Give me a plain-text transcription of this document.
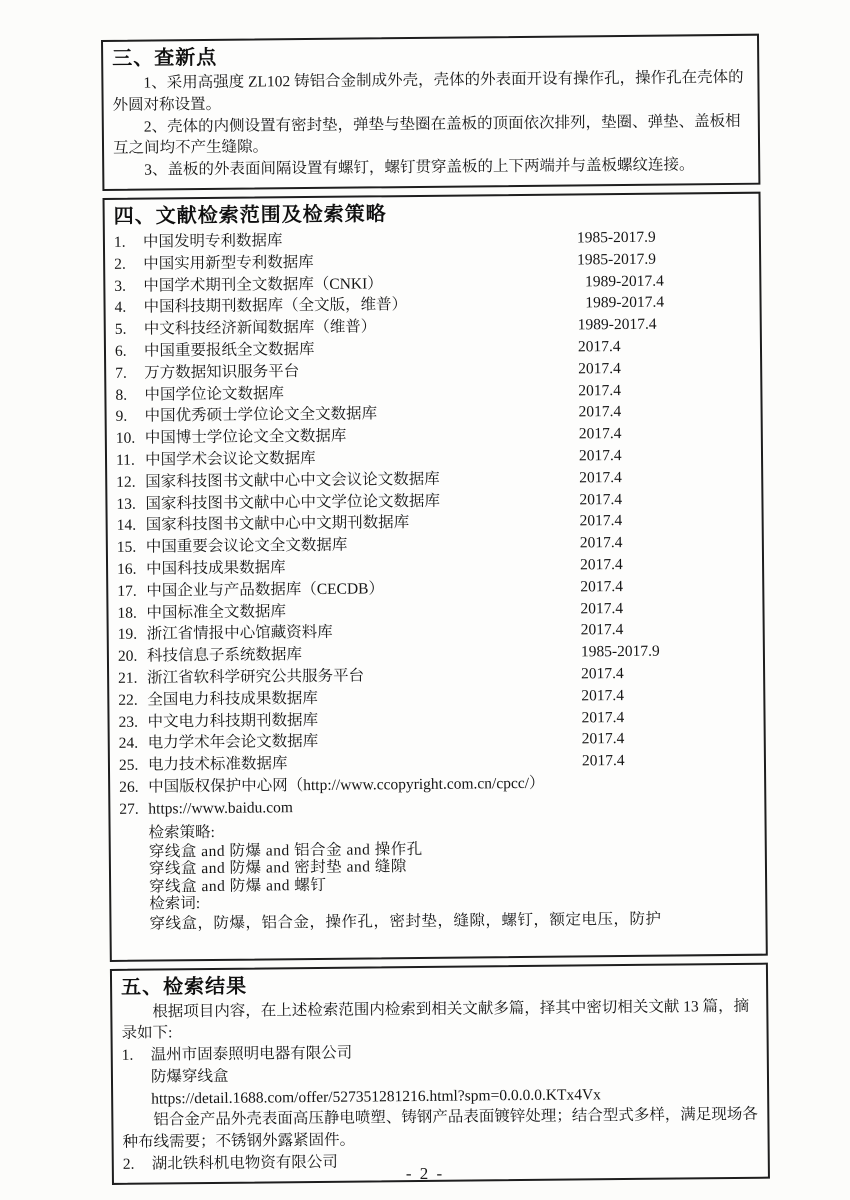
三、查新点

1、采用高强度 ZL102 铸铝合金制成外壳，壳体的外表面开设有操作孔，操作孔在壳体的外圆对称设置。

2、壳体的内侧设置有密封垫，弹垫与垫圈在盖板的顶面依次排列，垫圈、弹垫、盖板相互之间均不产生缝隙。

3、盖板的外表面间隔设置有螺钉，螺钉贯穿盖板的上下两端并与盖板螺纹连接。

四、文献检索范围及检索策略
1.	中国发明专利数据库	1985-2017.9
2.	中国实用新型专利数据库	1985-2017.9
3.	中国学术期刊全文数据库（CNKI）	1989-2017.4
4.	中国科技期刊数据库（全文版，维普）	1989-2017.4
5.	中文科技经济新闻数据库（维普）	1989-2017.4
6.	中国重要报纸全文数据库	2017.4
7.	万方数据知识服务平台	2017.4
8.	中国学位论文数据库	2017.4
9.	中国优秀硕士学位论文全文数据库	2017.4
10. 中国博士学位论文全文数据库	2017.4
11. 中国学术会议论文数据库	2017.4
12. 国家科技图书文献中心中文会议论文数据库	2017.4
13. 国家科技图书文献中心中文学位论文数据库	2017.4
14. 国家科技图书文献中心中文期刊数据库	2017.4
15. 中国重要会议论文全文数据库	2017.4
16. 中国科技成果数据库	2017.4
17. 中国企业与产品数据库（CECDB）	2017.4
18. 中国标准全文数据库	2017.4
19. 浙江省情报中心馆藏资料库	2017.4
20. 科技信息子系统数据库	1985-2017.9
21. 浙江省软科学研究公共服务平台	2017.4
22. 全国电力科技成果数据库	2017.4
23. 中文电力科技期刊数据库	2017.4
24. 电力学术年会论文数据库	2017.4
25. 电力技术标准数据库	2017.4
26. 中国版权保护中心网（http://www.ccopyright.com.cn/cpcc/）
27. https://www.baidu.com
检索策略:
穿线盒 and 防爆 and 铝合金 and 操作孔
穿线盒 and 防爆 and 密封垫 and 缝隙
穿线盒 and 防爆 and 螺钉
检索词:
穿线盒，防爆，铝合金，操作孔，密封垫，缝隙，螺钉，额定电压，防护
五、检索结果

根据项目内容，在上述检索范围内检索到相关文献多篇，择其中密切相关文献 13 篇，摘录如下:

1.	温州市固泰照明电器有限公司
防爆穿线盒
https://detail.1688.com/offer/527351281216.html?spm=0.0.0.0.KTx4Vx
铝合金产品外壳表面高压静电喷塑、铸钢产品表面镀锌处理；结合型式多样，满足现场各种布线需要；不锈钢外露紧固件。
2.	湖北铁科机电物资有限公司
- 2 -
